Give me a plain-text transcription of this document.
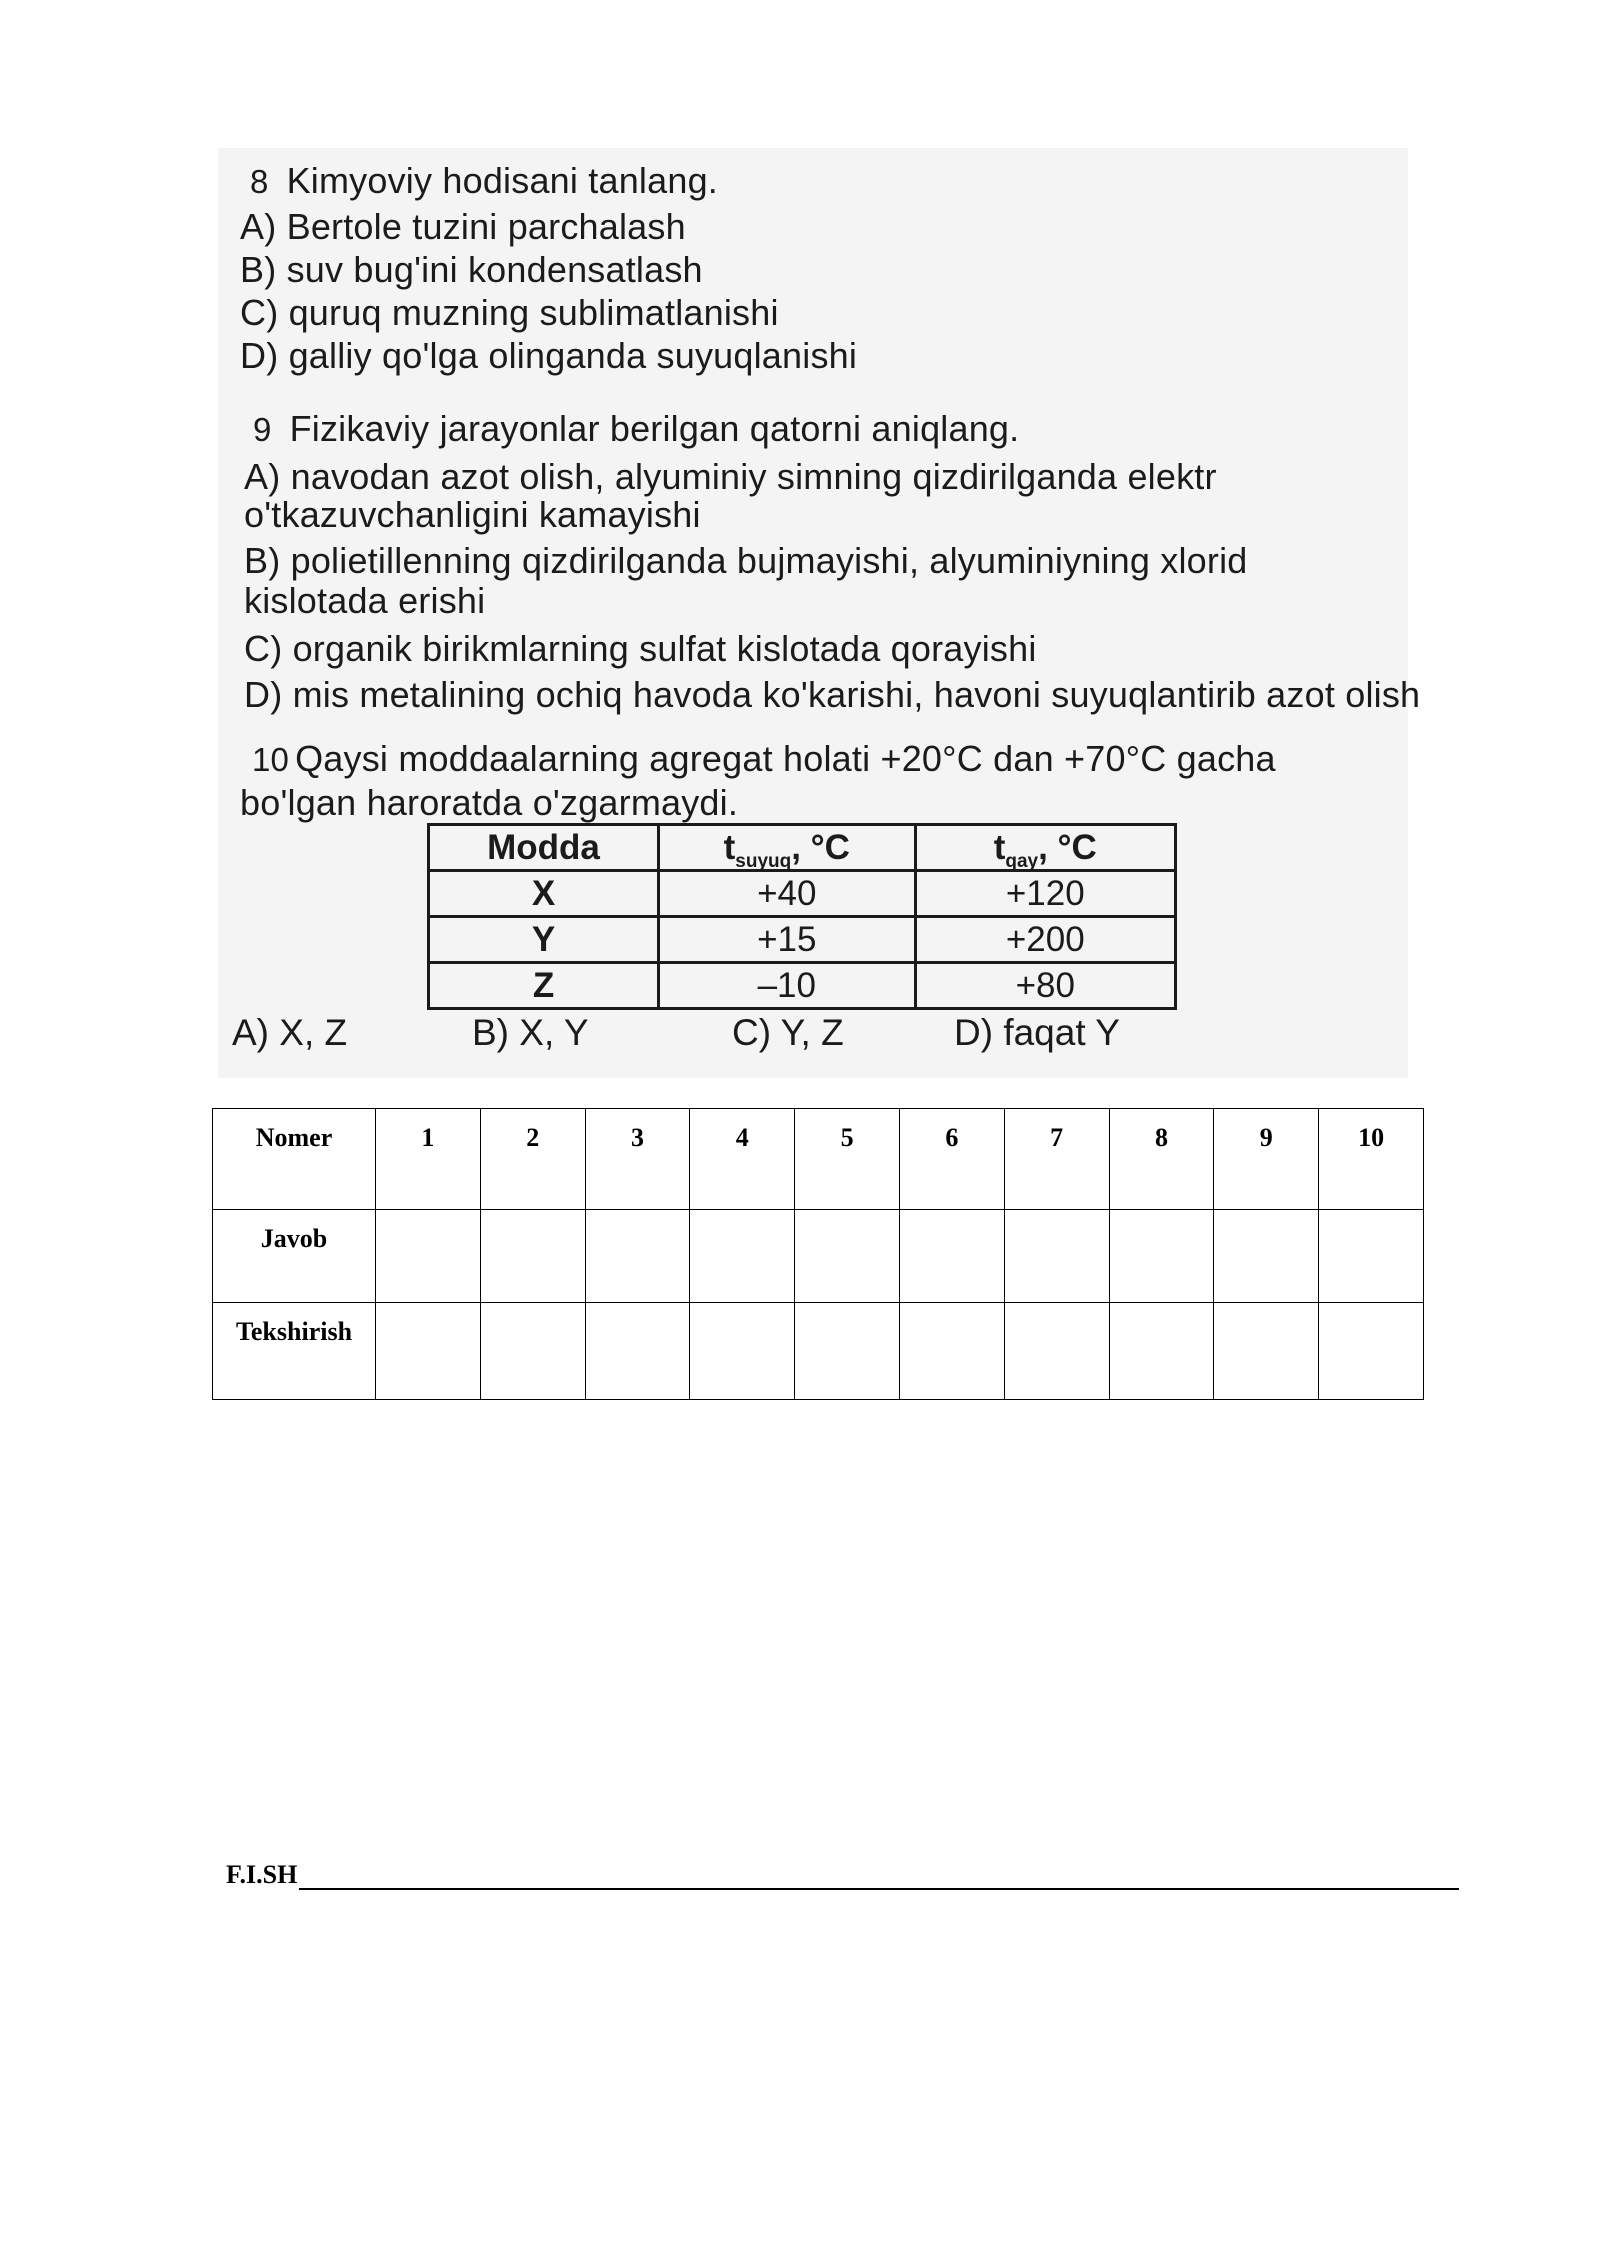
8 Kimyoviy hodisani tanlang.
A) Bertole tuzini parchalash
B) suv bug'ini kondensatlash
C) quruq muzning sublimatlanishi
D) galliy qo'lga olinganda suyuqlanishi
9 Fizikaviy jarayonlar berilgan qatorni aniqlang.
A) navodan azot olish, alyuminiy simning qizdirilganda elektr
o'tkazuvchanligini kamayishi
B) polietillenning qizdirilganda bujmayishi, alyuminiyning xlorid
kislotada erishi
C) organik birikmlarning sulfat kislotada qorayishi
D) mis metalining ochiq havoda ko'karishi, havoni suyuqlantirib azot olish
10 Qaysi moddaalarning agregat holati +20°C dan +70°C gacha
bo'lgan haroratda o'zgarmaydi.
Modda	$t_{suyuq}$, °C	$t_{qay}$, °C
X	+40	+120
Y	+15	+200
Z	–10	+80
A) X, Z	B) X, Y	C) Y, Z	D) faqat Y
Nomer	1	2	3	4	5	6	7	8	9	10
Javob										
Tekshirish										
F.I.SH
